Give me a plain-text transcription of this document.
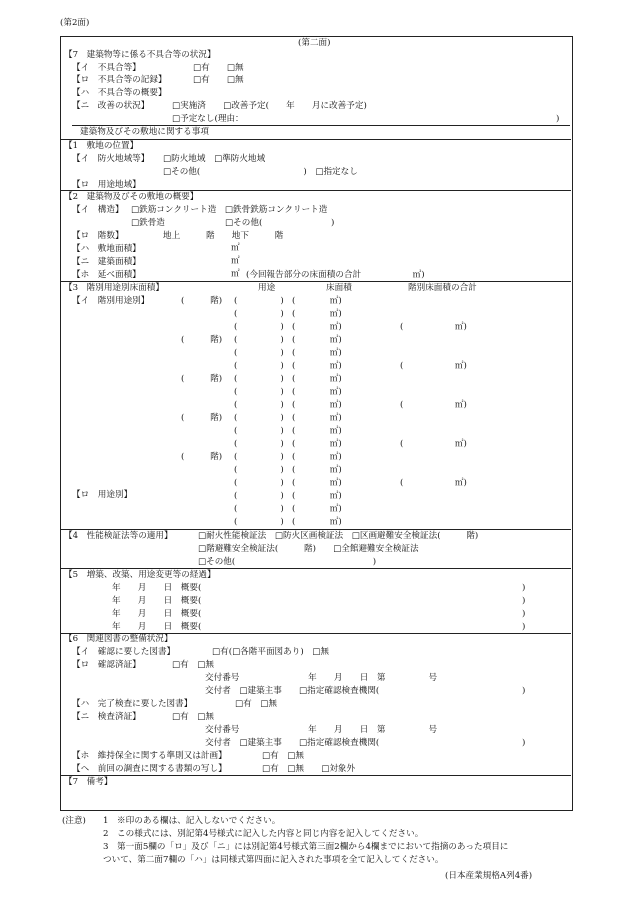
(第2面)
(第二面)
【7　建築物等に係る不具合等の状況】
【イ　不具合等】	□有　　□無
【ロ　不具合等の記録】	□有　　□無
【ハ　不具合等の概要】
【ニ　改善の状況】	□実施済　　□改善予定(　　年　　月に改善予定)
□予定なし(理由：	)
建築物及びその敷地に関する事項
【1　敷地の位置】
【イ　防火地域等】 □防火地域　□準防火地域
□その他(　　　　　　　　　　　　)　□指定なし
【ロ　用途地域】
【2　建築物及びその敷地の概要】
【イ　構造】 □鉄筋コンクリート造　□鉄骨鉄筋コンクリート造
□鉄骨造　　　　　　　□その他(　　　　　　　　)
【ロ　階数】	地上　　　階　　地下　　　階
【ハ　敷地面積】	㎡
【ニ　建築面積】	㎡
【ホ　延べ面積】	㎡ (今回報告部分の床面積の合計　　　　　　㎡)
【3　階別用途別床面積】	用途	床面積	階別床面積の合計
【イ　階別用途別】
【ロ　用途別】
(　　　階) (　　　　　) (　　　　㎡)
(　　　　　) (　　　　㎡)
(　　　　　) (　　　　㎡)	(　　　　　　㎡)
(　　　階) (　　　　　) (　　　　㎡)
(　　　　　) (　　　　㎡)
(　　　　　) (　　　　㎡)	(　　　　　　㎡)
(　　　階) (　　　　　) (　　　　㎡)
(　　　　　) (　　　　㎡)
(　　　　　) (　　　　㎡)	(　　　　　　㎡)
(　　　階) (　　　　　) (　　　　㎡)
(　　　　　) (　　　　㎡)
(　　　　　) (　　　　㎡)	(　　　　　　㎡)
(　　　階) (　　　　　) (　　　　㎡)
(　　　　　) (　　　　㎡)
(　　　　　) (　　　　㎡)	(　　　　　　㎡)
(　　　　　) (　　　　㎡)
(　　　　　) (　　　　㎡)
(　　　　　) (　　　　㎡)
【4　性能検証法等の適用】	□耐火性能検証法　□防火区画検証法　□区画避難安全検証法(　　　階)
□階避難安全検証法(　　　階)　　□全館避難安全検証法
□その他(　　　　　　　　　　　　　　　　)
【5　増築、改築、用途変更等の経過】
年　　月　　日　概要(	)
年　　月　　日　概要(	)
年　　月　　日　概要(	)
年　　月　　日　概要(	)
【6　関連図書の整備状況】
【イ　確認に要した図書】	□有(□各階平面図あり)　□無
【ロ　確認済証】	□有　□無
交付番号　　　　　　　　年　　月　　日　第　　　　　号
交付者　□建築主事　　□指定確認検査機関(	)
【ハ　完了検査に要した図書】	□有　□無
【ニ　検査済証】	□有　□無
交付番号　　　　　　　　年　　月　　日　第　　　　　号
交付者　□建築主事　　□指定確認検査機関(	)
【ホ　維持保全に関する準則又は計画】	□有　□無
【ヘ　前回の調査に関する書類の写し】	□有　□無　　□対象外
【7　備考】
(注意) 1　※印のある欄は、記入しないでください。
2　この様式には、別記第4号様式に記入した内容と同じ内容を記入してください。
3　第一面5欄の「ロ」及び「ニ」には別記第4号様式第三面2欄から4欄までにおいて指摘のあった項目に
ついて、第二面7欄の「ハ」は同様式第四面に記入された事項を全て記入してください。
(日本産業規格A列4番)
